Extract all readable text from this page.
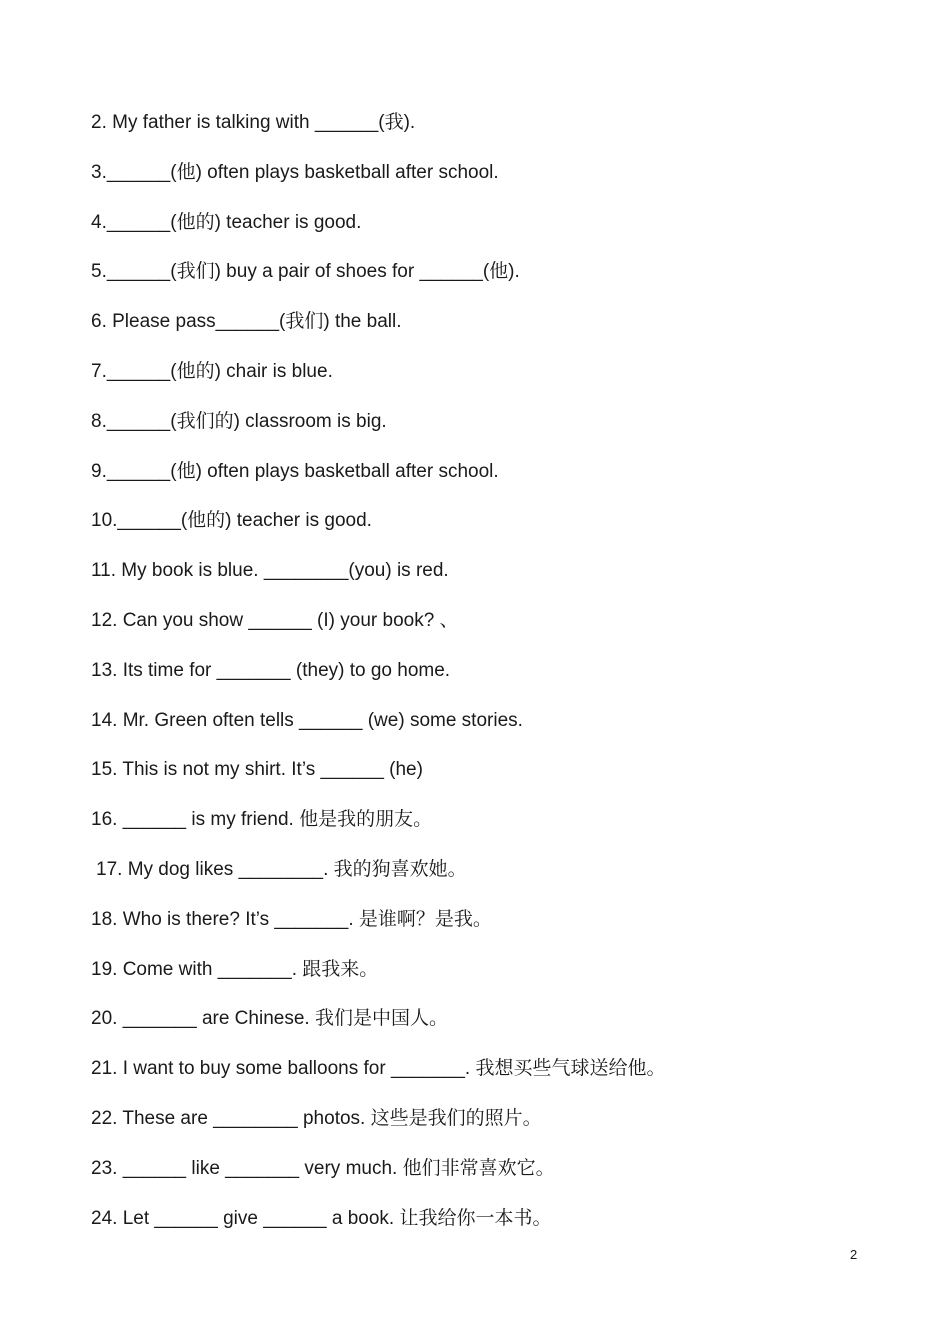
2. My father is talking with ______(我).
3.______(他) often plays basketball after school.
4.______(他的) teacher is good.
5.______(我们) buy a pair of shoes for ______(他).
6. Please pass______(我们) the ball.
7.______(他的) chair is blue.
8.______(我们的) classroom is big.
9.______(他) often plays basketball after school.
10.______(他的) teacher is good.
11. My book is blue. ________(you) is red.
12. Can you show ______ (I) your book? 、
13. Its time for _______ (they) to go home.
14. Mr. Green often tells ______ (we) some stories.
15. This is not my shirt. It’s ______ (he)
16. ______ is my friend. 他是我的朋友。
17. My dog likes ________. 我的狗喜欢她。
18. Who is there? It’s _______. 是谁啊？是我。
19. Come with _______. 跟我来。
20. _______ are Chinese. 我们是中国人。
21. I want to buy some balloons for _______. 我想买些气球送给他。
22. These are ________ photos. 这些是我们的照片。
23. ______ like _______ very much. 他们非常喜欢它。
24. Let ______ give ______ a book. 让我给你一本书。
2
